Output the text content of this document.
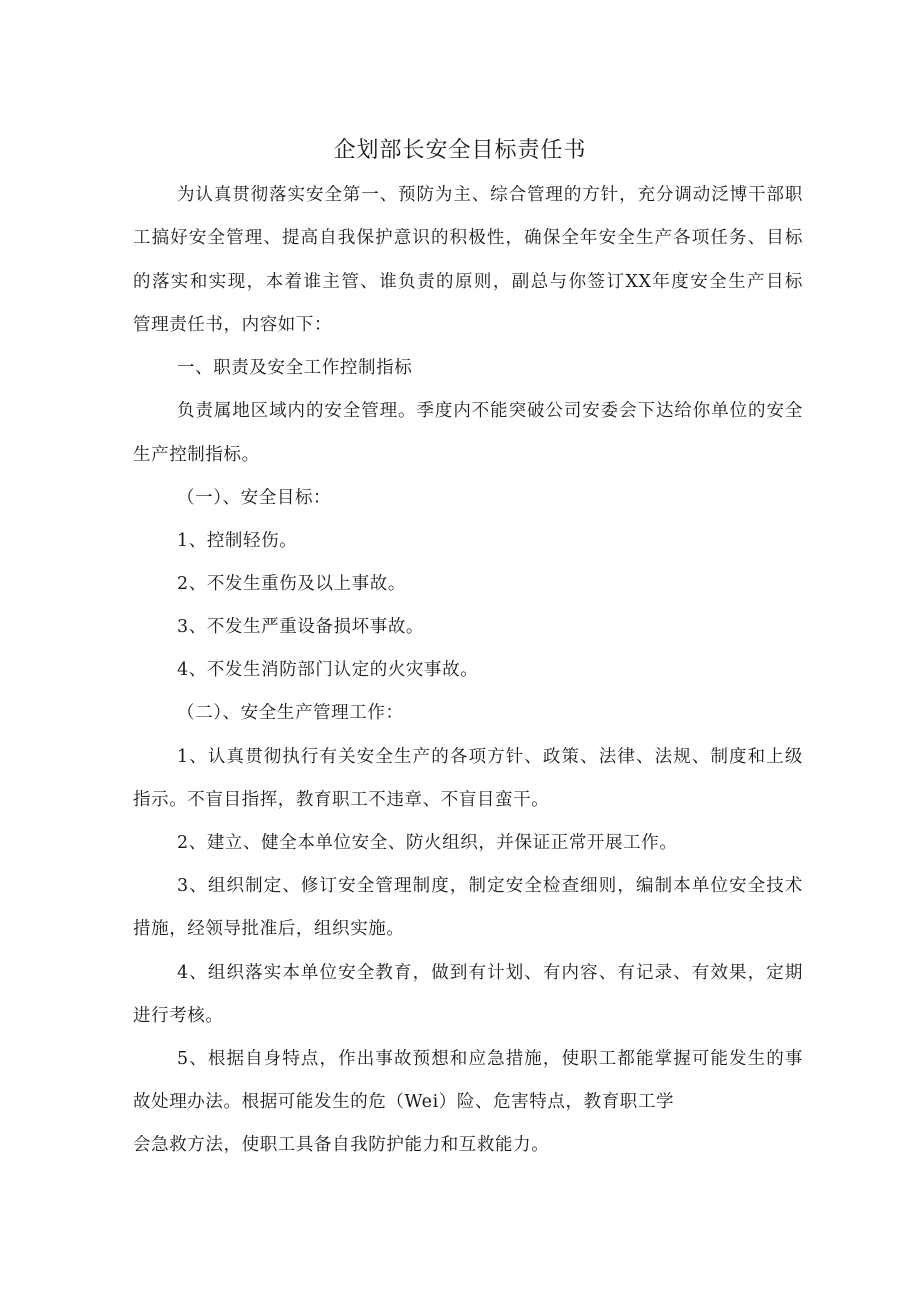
企划部长安全目标责任书
为认真贯彻落实安全第一、预防为主、综合管理的方针，充分调动泛博干部职
工搞好安全管理、提高自我保护意识的积极性，确保全年安全生产各项任务、目标
的落实和实现，本着谁主管、谁负责的原则，副总与你签订XX年度安全生产目标
管理责任书，内容如下：
一、职责及安全工作控制指标
负责属地区域内的安全管理。季度内不能突破公司安委会下达给你单位的安全
生产控制指标。
（一）、安全目标：
1、控制轻伤。
2、不发生重伤及以上事故。
3、不发生严重设备损坏事故。
4、不发生消防部门认定的火灾事故。
（二）、安全生产管理工作：
1、认真贯彻执行有关安全生产的各项方针、政策、法律、法规、制度和上级
指示。不盲目指挥，教育职工不违章、不盲目蛮干。
2、建立、健全本单位安全、防火组织，并保证正常开展工作。
3、组织制定、修订安全管理制度，制定安全检查细则，编制本单位安全技术
措施，经领导批准后，组织实施。
4、组织落实本单位安全教育，做到有计划、有内容、有记录、有效果，定期
进行考核。
5、根据自身特点，作出事故预想和应急措施，使职工都能掌握可能发生的事
故处理办法。根据可能发生的危（Wei）险、危害特点，教育职工学
会急救方法，使职工具备自我防护能力和互救能力。
